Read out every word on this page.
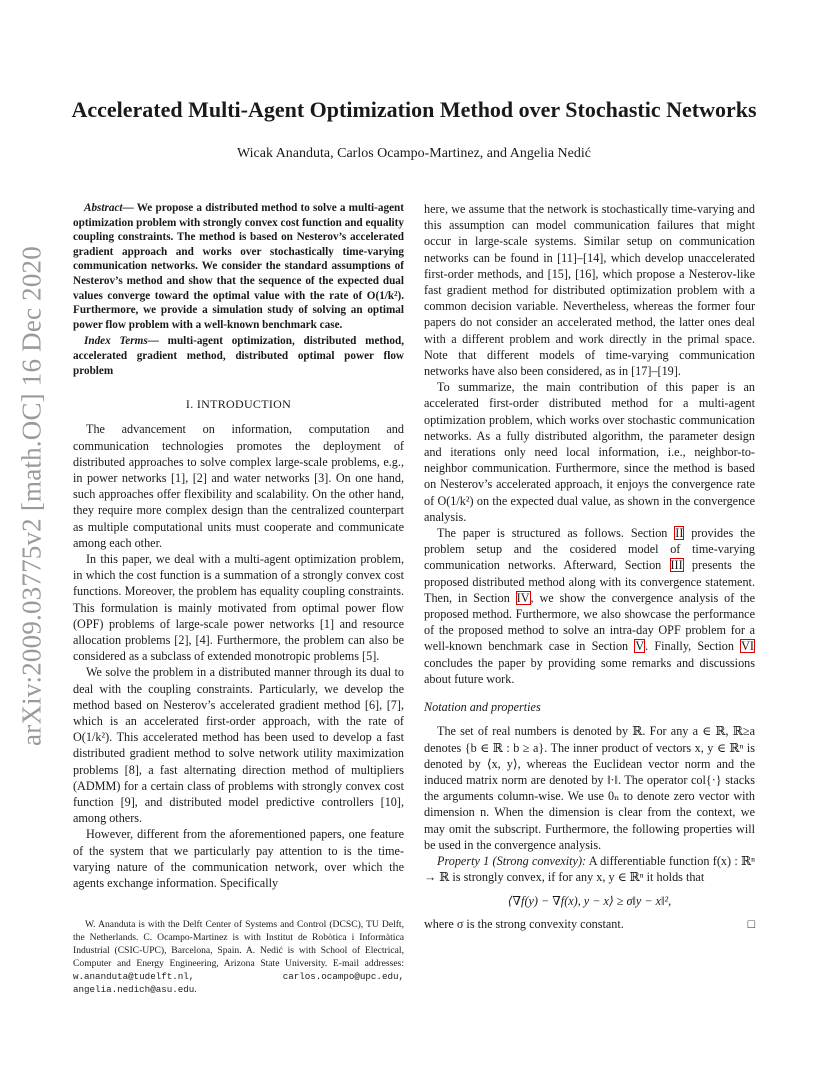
arXiv:2009.03775v2 [math.OC] 16 Dec 2020
Accelerated Multi-Agent Optimization Method over Stochastic Networks
Wicak Ananduta, Carlos Ocampo-Martinez, and Angelia Nedić

Abstract— We propose a distributed method to solve a multi-agent optimization problem with strongly convex cost function and equality coupling constraints. The method is based on Nesterov’s accelerated gradient approach and works over stochastically time-varying communication networks. We consider the standard assumptions of Nesterov’s method and show that the sequence of the expected dual values converge toward the optimal value with the rate of O(1/k²). Furthermore, we provide a simulation study of solving an optimal power flow problem with a well-known benchmark case.

Index Terms— multi-agent optimization, distributed method, accelerated gradient method, distributed optimal power flow problem

I. INTRODUCTION

The advancement on information, computation and communication technologies promotes the deployment of distributed approaches to solve complex large-scale problems, e.g., in power networks [1], [2] and water networks [3]. On one hand, such approaches offer flexibility and scalability. On the other hand, they require more complex design than the centralized counterpart as multiple computational units must cooperate and communicate among each other.

In this paper, we deal with a multi-agent optimization problem, in which the cost function is a summation of a strongly convex cost functions. Moreover, the problem has equality coupling constraints. This formulation is mainly motivated from optimal power flow (OPF) problems of large-scale power networks [1] and resource allocation problems [2], [4]. Furthermore, the problem can also be considered as a subclass of extended monotropic problems [5].

We solve the problem in a distributed manner through its dual to deal with the coupling constraints. Particularly, we develop the method based on Nesterov’s accelerated gradient method [6], [7], which is an accelerated first-order approach, with the rate of O(1/k²). This accelerated method has been used to develop a fast distributed gradient method to solve network utility maximization problems [8], a fast alternating direction method of multipliers (ADMM) for a certain class of problems with strongly convex cost function [9], and distributed model predictive controllers [10], among others.

However, different from the aforementioned papers, one feature of the system that we particularly pay attention to is the time-varying nature of the communication network, over which the agents exchange information. Specifically

here, we assume that the network is stochastically time-varying and this assumption can model communication failures that might occur in large-scale systems. Similar setup on communication networks can be found in [11]–[14], which develop unaccelerated first-order methods, and [15], [16], which propose a Nesterov-like fast gradient method for distributed optimization problem with a common decision variable. Nevertheless, whereas the former four papers do not consider an accelerated method, the latter ones deal with a different problem and work directly in the primal space. Note that different models of time-varying communication networks have also been considered, as in [17]–[19].

To summarize, the main contribution of this paper is an accelerated first-order distributed method for a multi-agent optimization problem, which works over stochastic communication networks. As a fully distributed algorithm, the parameter design and iterations only need local information, i.e., neighbor-to-neighbor communication. Furthermore, since the method is based on Nesterov’s accelerated approach, it enjoys the convergence rate of O(1/k²) on the expected dual value, as shown in the convergence analysis.

The paper is structured as follows. Section II provides the problem setup and the cosidered model of time-varying communication networks. Afterward, Section III presents the proposed distributed method along with its convergence statement. Then, in Section IV, we show the convergence analysis of the proposed method. Furthermore, we also showcase the performance of the proposed method to solve an intra-day OPF problem for a well-known benchmark case in Section V. Finally, Section VI concludes the paper by providing some remarks and discussions about future work.

Notation and properties

The set of real numbers is denoted by ℝ. For any a ∈ ℝ, ℝ≥a denotes {b ∈ ℝ : b ≥ a}. The inner product of vectors x, y ∈ ℝⁿ is denoted by ⟨x, y⟩, whereas the Euclidean vector norm and the induced matrix norm are denoted by ‖·‖. The operator col{·} stacks the arguments column-wise. We use 0ₙ to denote zero vector with dimension n. When the dimension is clear from the context, we may omit the subscript. Furthermore, the following properties will be used in the convergence analysis.

Property 1 (Strong convexity): A differentiable function f(x) : ℝⁿ → ℝ is strongly convex, if for any x, y ∈ ℝⁿ it holds that

⟨∇f(y) − ∇f(x), y − x⟩ ≥ σ‖y − x‖²,

where σ is the strong convexity constant.	□

W. Ananduta is with the Delft Center of Systems and Control (DCSC), TU Delft, the Netherlands. C. Ocampo-Martinez is with Institut de Robòtica i Informàtica Industrial (CSIC-UPC), Barcelona, Spain. A. Nedić is with School of Electrical, Computer and Energy Engineering, Arizona State University. E-mail addresses: w.ananduta@tudelft.nl, carlos.ocampo@upc.edu, angelia.nedich@asu.edu.
